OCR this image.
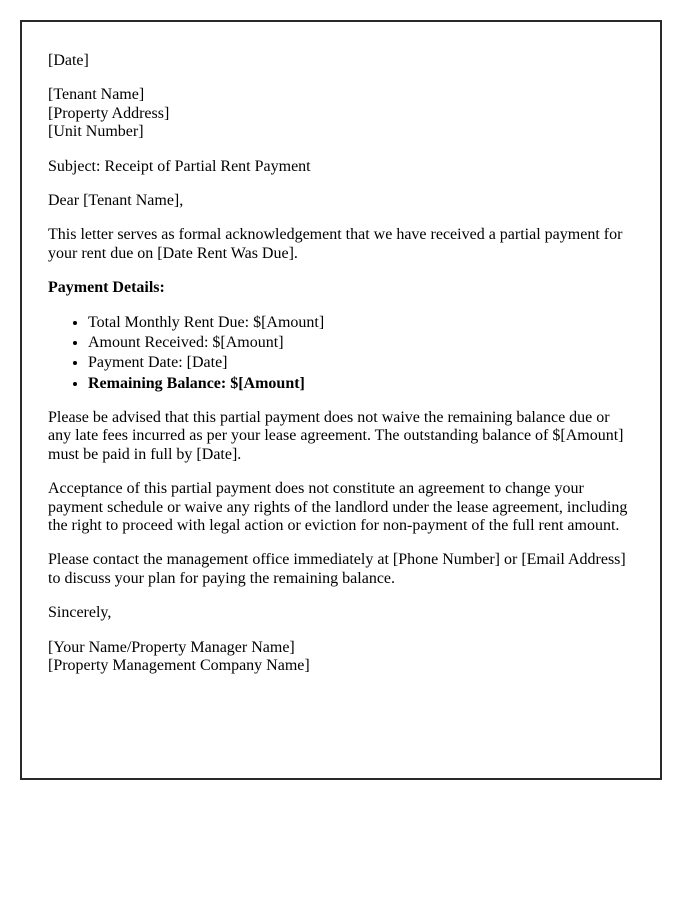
[Date]

[Tenant Name]
[Property Address]
[Unit Number]

Subject: Receipt of Partial Rent Payment

Dear [Tenant Name],

This letter serves as formal acknowledgement that we have received a partial payment for your rent due on [Date Rent Was Due].

Payment Details:

• Total Monthly Rent Due: $[Amount]
• Amount Received: $[Amount]
• Payment Date: [Date]
• Remaining Balance: $[Amount]

Please be advised that this partial payment does not waive the remaining balance due or any late fees incurred as per your lease agreement. The outstanding balance of $[Amount] must be paid in full by [Date].

Acceptance of this partial payment does not constitute an agreement to change your payment schedule or waive any rights of the landlord under the lease agreement, including the right to proceed with legal action or eviction for non-payment of the full rent amount.

Please contact the management office immediately at [Phone Number] or [Email Address] to discuss your plan for paying the remaining balance.

Sincerely,

[Your Name/Property Manager Name]
[Property Management Company Name]
